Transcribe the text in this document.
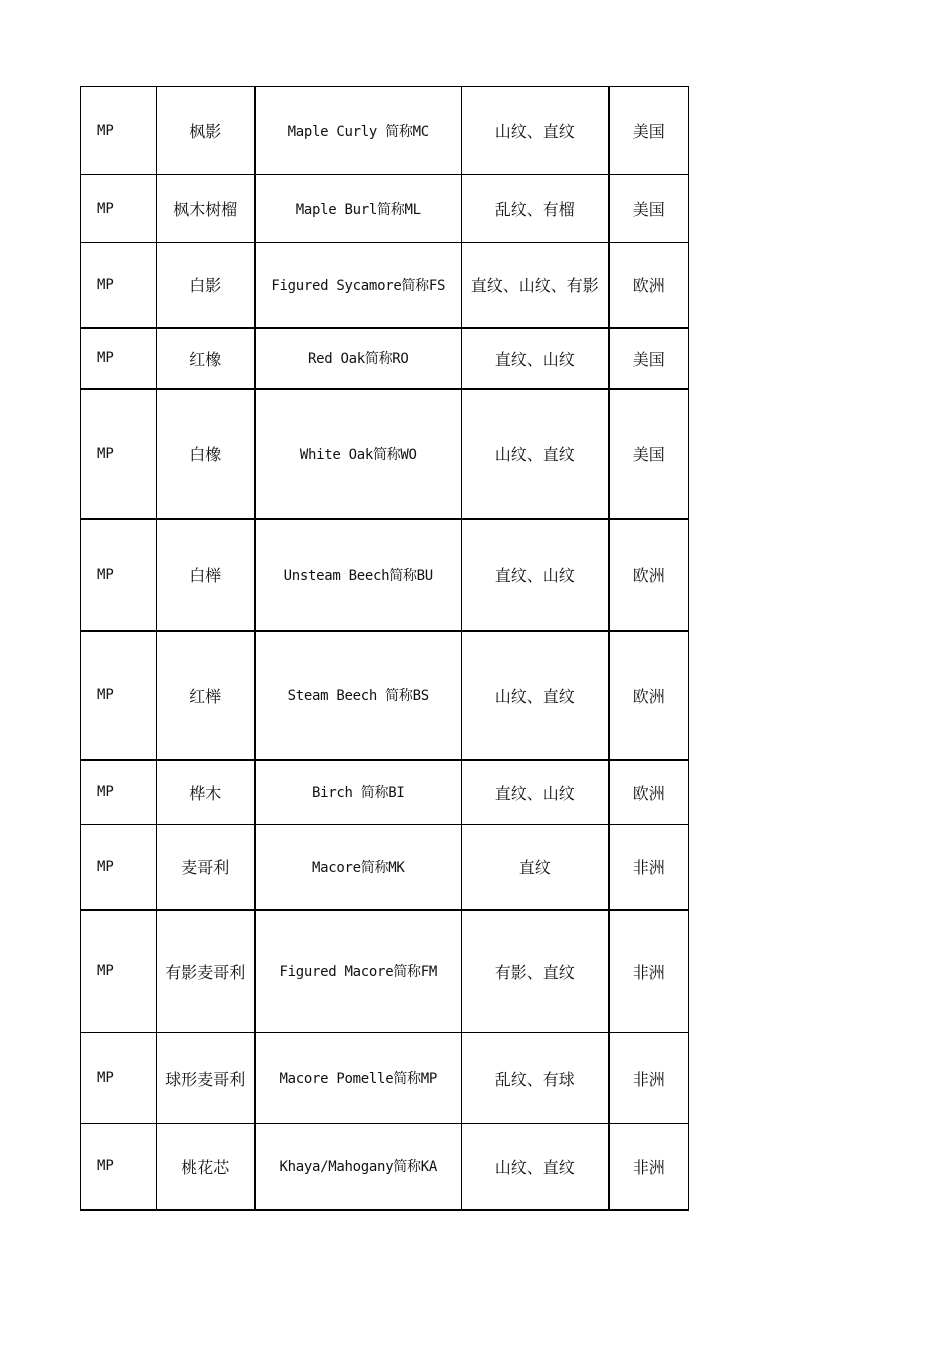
MP	枫影	Maple Curly 简称MC	山纹、直纹	美国
MP	枫木树榴	Maple Burl简称ML	乱纹、有榴	美国
MP	白影	Figured Sycamore简称FS	直纹、山纹、有影	欧洲
MP	红橡	Red Oak简称RO	直纹、山纹	美国
MP	白橡	White Oak简称WO	山纹、直纹	美国
MP	白榉	Unsteam Beech简称BU	直纹、山纹	欧洲
MP	红榉	Steam Beech 简称BS	山纹、直纹	欧洲
MP	桦木	Birch 简称BI	直纹、山纹	欧洲
MP	麦哥利	Macore简称MK	直纹	非洲
MP	有影麦哥利	Figured Macore简称FM	有影、直纹	非洲
MP	球形麦哥利	Macore Pomelle简称MP	乱纹、有球	非洲
MP	桃花芯	Khaya/Mahogany简称KA	山纹、直纹	非洲
